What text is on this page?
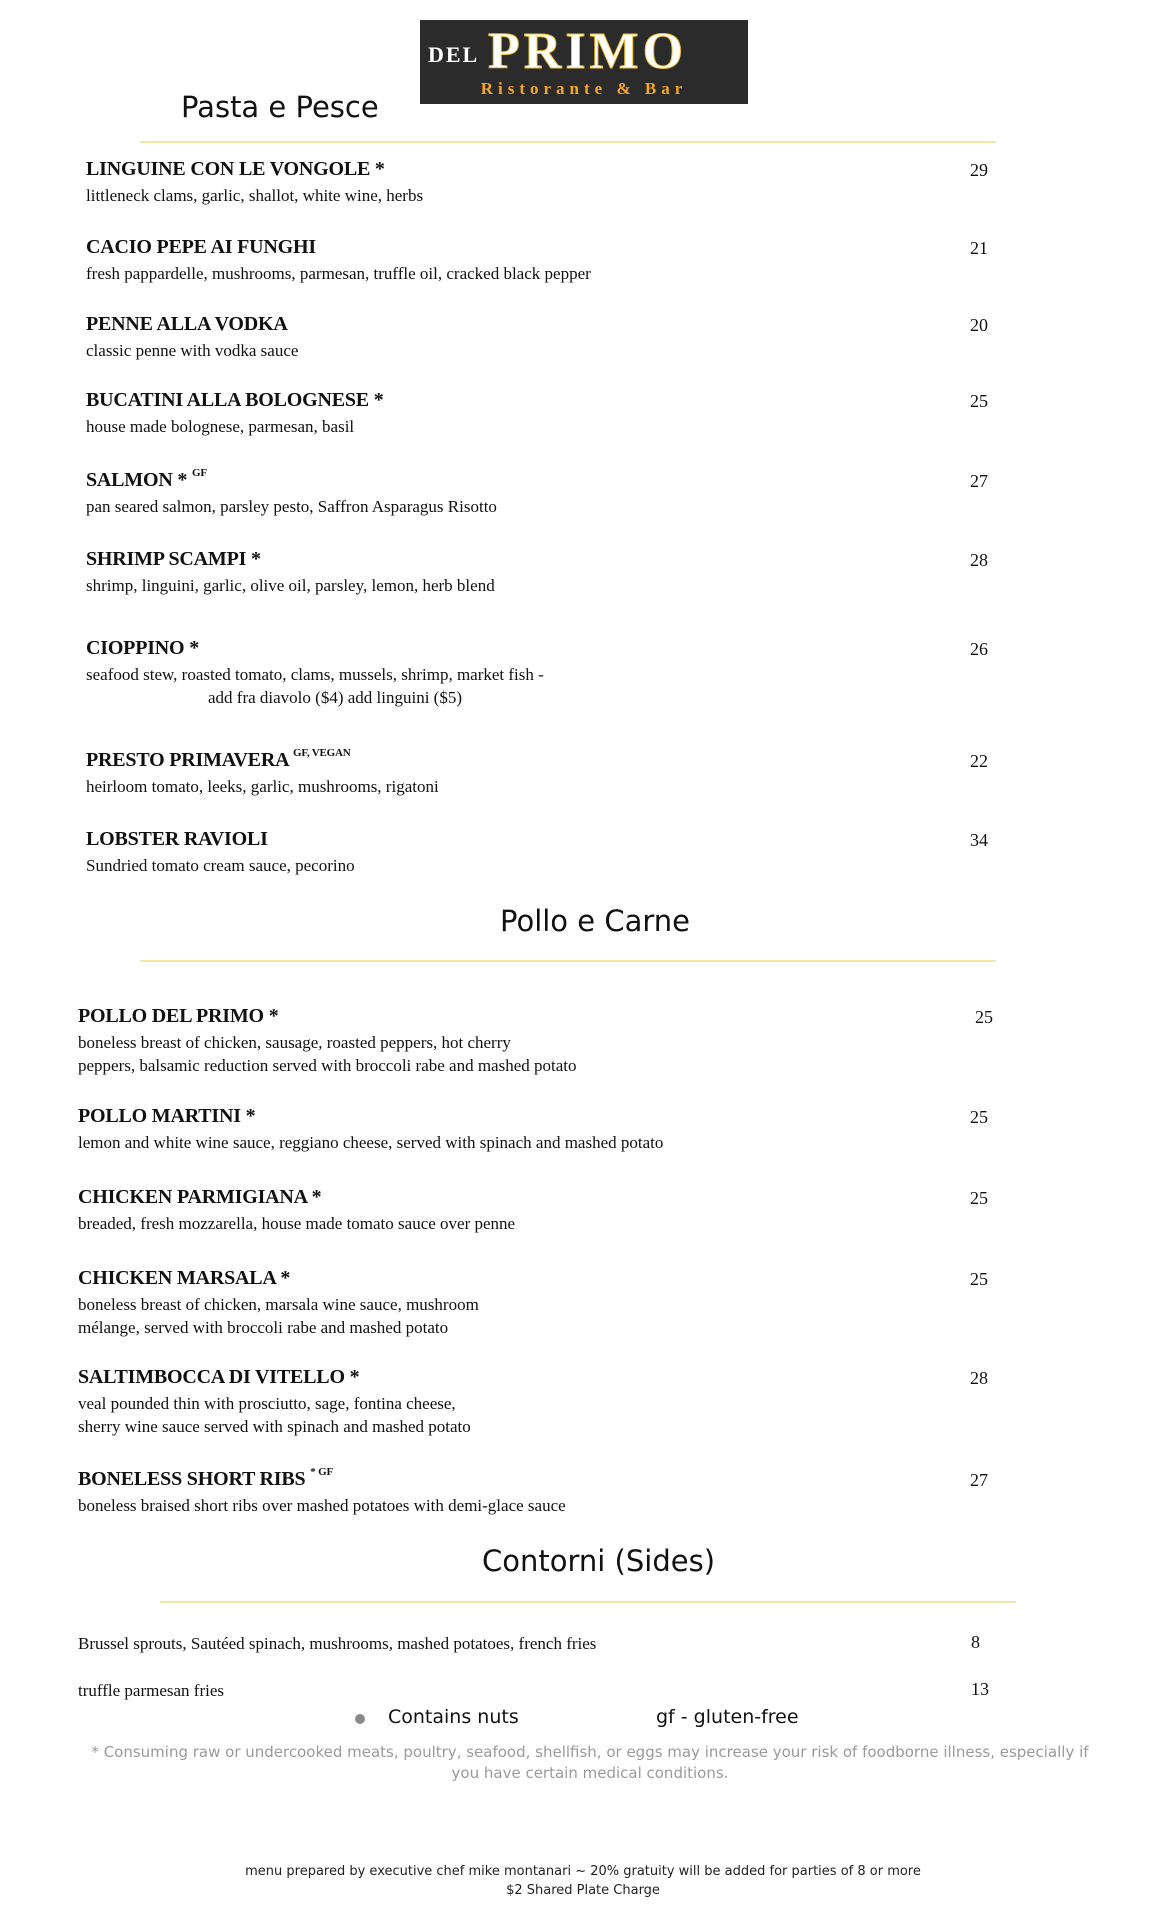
DEL PRIMO
Ristorante & Bar
Pasta e Pesce
LINGUINE CON LE VONGOLE *	29
littleneck clams, garlic, shallot, white wine, herbs
CACIO PEPE AI FUNGHI	21
fresh pappardelle, mushrooms, parmesan, truffle oil, cracked black pepper
PENNE ALLA VODKA	20
classic penne with vodka sauce
BUCATINI ALLA BOLOGNESE *	25
house made bolognese, parmesan, basil
SALMON * $^{GF}$	27
pan seared salmon, parsley pesto, Saffron Asparagus Risotto
SHRIMP SCAMPI *	28
shrimp, linguini, garlic, olive oil, parsley, lemon, herb blend
CIOPPINO *	26
seafood stew, roasted tomato, clams, mussels, shrimp, market fish -
add fra diavolo ($4) add linguini ($5)
PRESTO PRIMAVERA $^{GF, VEGAN}$	22
heirloom tomato, leeks, garlic, mushrooms, rigatoni
LOBSTER RAVIOLI	34
Sundried tomato cream sauce, pecorino
Pollo e Carne
POLLO DEL PRIMO *	25
boneless breast of chicken, sausage, roasted peppers, hot cherry
peppers, balsamic reduction served with broccoli rabe and mashed potato
POLLO MARTINI *	25
lemon and white wine sauce, reggiano cheese, served with spinach and mashed potato
CHICKEN PARMIGIANA *	25
breaded, fresh mozzarella, house made tomato sauce over penne
CHICKEN MARSALA *	25
boneless breast of chicken, marsala wine sauce, mushroom
mélange, served with broccoli rabe and mashed potato
SALTIMBOCCA DI VITELLO *	28
veal pounded thin with prosciutto, sage, fontina cheese,
sherry wine sauce served with spinach and mashed potato
BONELESS SHORT RIBS $^{* GF}$	27
boneless braised short ribs over mashed potatoes with demi-glace sauce
Contorni (Sides)
Brussel sprouts, Sautéed spinach, mushrooms, mashed potatoes, french fries	8
truffle parmesan fries	13
Contains nuts	gf - gluten-free
* Consuming raw or undercooked meats, poultry, seafood, shellfish, or eggs may increase your risk of foodborne illness, especially if you have certain medical conditions.
menu prepared by executive chef mike montanari ~ 20% gratuity will be added for parties of 8 or more
$2 Shared Plate Charge
